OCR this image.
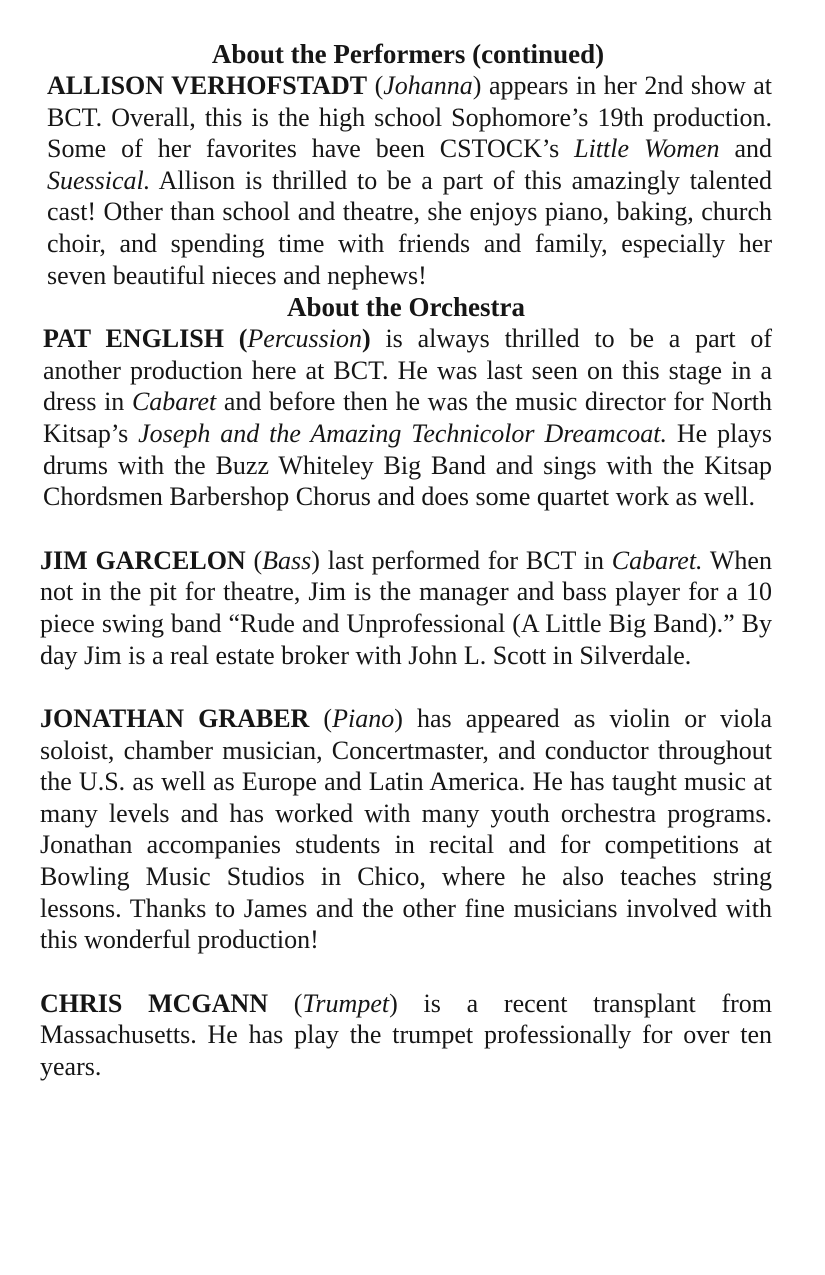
About the Performers (continued)

ALLISON VERHOFSTADT (Johanna) appears in her 2nd show at BCT. Overall, this is the high school Sophomore’s 19th production. Some of her favorites have been CSTOCK’s Little Women and Suessical. Allison is thrilled to be a part of this amazingly talented cast! Other than school and theatre, she enjoys piano, baking, church choir, and spending time with friends and family, especially her seven beautiful nieces and nephews!

About the Orchestra

PAT ENGLISH (Percussion) is always thrilled to be a part of another production here at BCT. He was last seen on this stage in a dress in Cabaret and before then he was the music director for North Kitsap’s Joseph and the Amazing Technicolor Dreamcoat. He plays drums with the Buzz Whiteley Big Band and sings with the Kitsap Chordsmen Barbershop Chorus and does some quartet work as well.

JIM GARCELON (Bass) last performed for BCT in Cabaret. When not in the pit for theatre, Jim is the manager and bass player for a 10 piece swing band “Rude and Unprofessional (A Little Big Band).” By day Jim is a real estate broker with John L. Scott in Silverdale.

JONATHAN GRABER (Piano) has appeared as violin or viola soloist, chamber musician, Concertmaster, and conductor throughout the U.S. as well as Europe and Latin America. He has taught music at many levels and has worked with many youth orchestra programs. Jonathan accompanies students in recital and for competitions at Bowling Music Studios in Chico, where he also teaches string lessons. Thanks to James and the other fine musicians involved with this wonderful production!

CHRIS MCGANN (Trumpet) is a recent transplant from Massachusetts. He has play the trumpet professionally for over ten years.
